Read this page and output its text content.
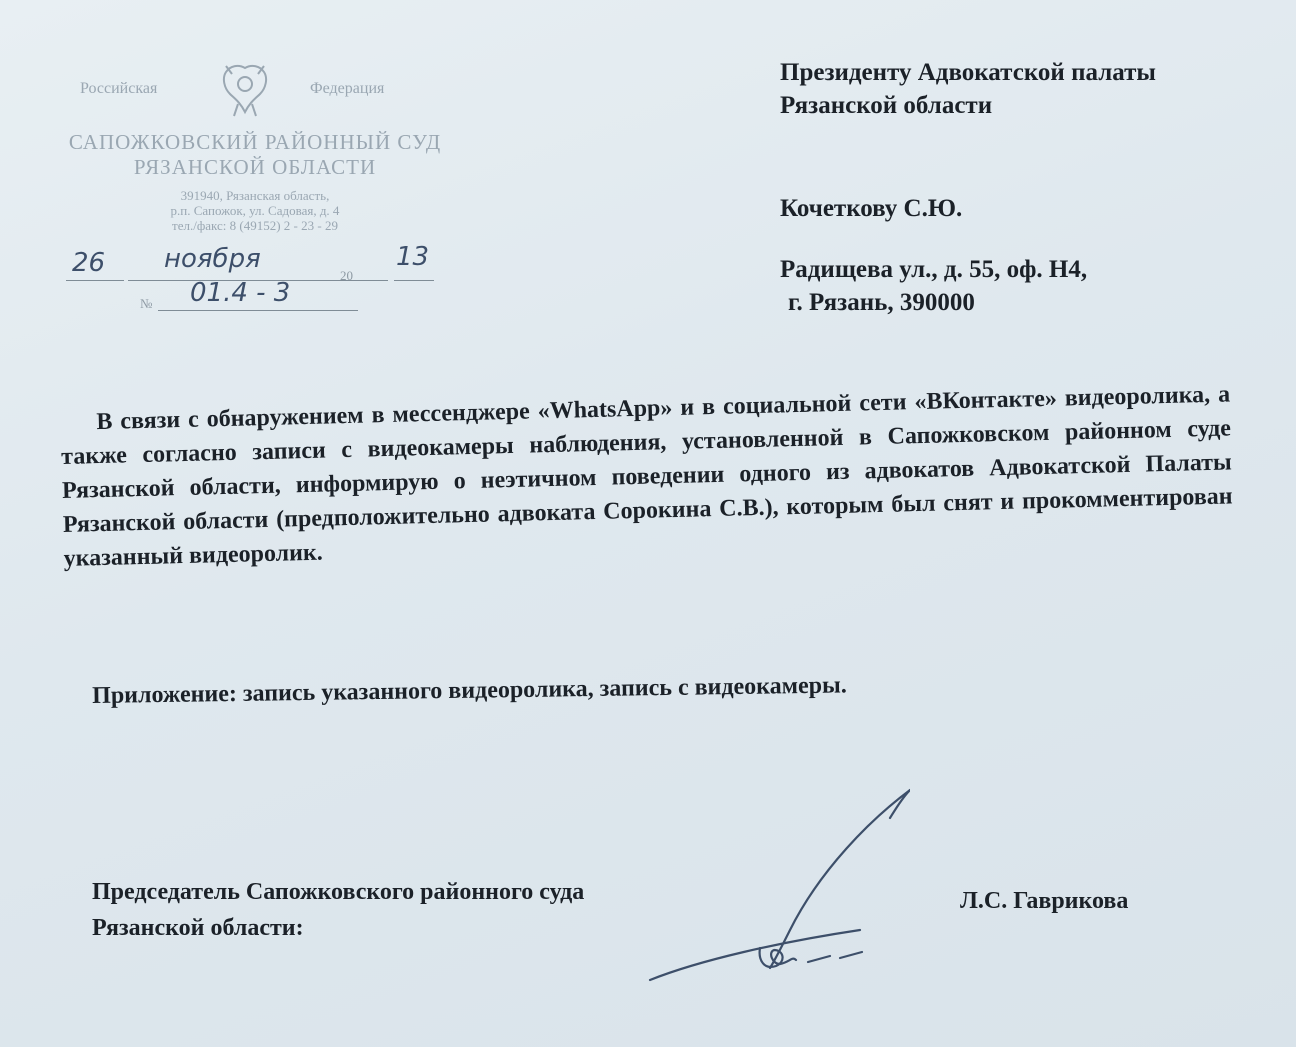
Российская	Федерация
САПОЖКОВСКИЙ РАЙОННЫЙ СУД
РЯЗАНСКОЙ ОБЛАСТИ
391940, Рязанская область,
р.п. Сапожок, ул. Садовая, д. 4
тел./факс: 8 (49152) 2 - 23 - 29
26 ноября
20
13
№ 01.4 - 3
Президенту Адвокатской палаты
Рязанской области
Кочеткову С.Ю.
Радищева ул., д. 55, оф. Н4,
г. Рязань, 390000

В связи с обнаружением в мессенджере «WhatsApp» и в социальной сети «ВКонтакте» видеоролика, а также согласно записи с видеокамеры наблюдения, установленной в Сапожковском районном суде Рязанской области, информирую о неэтичном поведении одного из адвокатов Адвокатской Палаты Рязанской области (предположительно адвоката Сорокина С.В.), которым был снят и прокомментирован указанный видеоролик.

Приложение: запись указанного видеоролика, запись с видеокамеры.
Председатель Сапожковского районного суда
Рязанской области:
Л.С. Гаврикова
